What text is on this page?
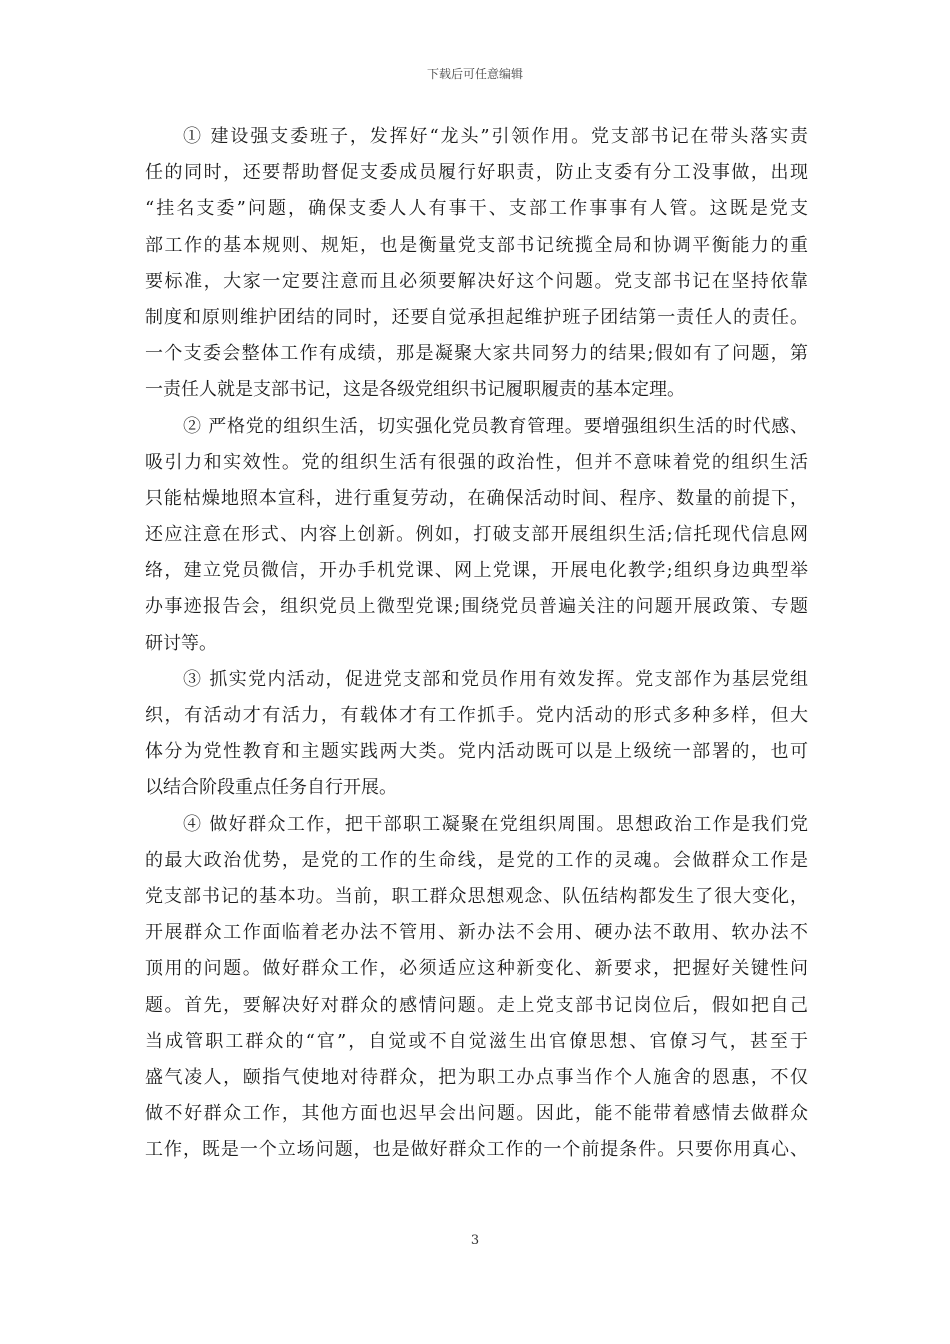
下载后可任意编辑
① 建设强支委班子，发挥好“龙头”引领作用。党支部书记在带头落实责
任的同时，还要帮助督促支委成员履行好职责，防止支委有分工没事做，出现
“挂名支委”问题，确保支委人人有事干、支部工作事事有人管。这既是党支
部工作的基本规则、规矩，也是衡量党支部书记统揽全局和协调平衡能力的重
要标准，大家一定要注意而且必须要解决好这个问题。党支部书记在坚持依靠
制度和原则维护团结的同时，还要自觉承担起维护班子团结第一责任人的责任。
一个支委会整体工作有成绩，那是凝聚大家共同努力的结果;假如有了问题，第
一责任人就是支部书记，这是各级党组织书记履职履责的基本定理。
② 严格党的组织生活，切实强化党员教育管理。要增强组织生活的时代感、
吸引力和实效性。党的组织生活有很强的政治性，但并不意味着党的组织生活
只能枯燥地照本宣科，进行重复劳动，在确保活动时间、程序、数量的前提下，
还应注意在形式、内容上创新。例如，打破支部开展组织生活;信托现代信息网
络，建立党员微信，开办手机党课、网上党课，开展电化教学;组织身边典型举
办事迹报告会，组织党员上微型党课;围绕党员普遍关注的问题开展政策、专题
研讨等。
③ 抓实党内活动，促进党支部和党员作用有效发挥。党支部作为基层党组
织，有活动才有活力，有载体才有工作抓手。党内活动的形式多种多样，但大
体分为党性教育和主题实践两大类。党内活动既可以是上级统一部署的，也可
以结合阶段重点任务自行开展。
④ 做好群众工作，把干部职工凝聚在党组织周围。思想政治工作是我们党
的最大政治优势，是党的工作的生命线，是党的工作的灵魂。会做群众工作是
党支部书记的基本功。当前，职工群众思想观念、队伍结构都发生了很大变化，
开展群众工作面临着老办法不管用、新办法不会用、硬办法不敢用、软办法不
顶用的问题。做好群众工作，必须适应这种新变化、新要求，把握好关键性问
题。首先，要解决好对群众的感情问题。走上党支部书记岗位后，假如把自己
当成管职工群众的“官”，自觉或不自觉滋生出官僚思想、官僚习气，甚至于
盛气凌人，颐指气使地对待群众，把为职工办点事当作个人施舍的恩惠，不仅
做不好群众工作，其他方面也迟早会出问题。因此，能不能带着感情去做群众
工作，既是一个立场问题，也是做好群众工作的一个前提条件。只要你用真心、
3
